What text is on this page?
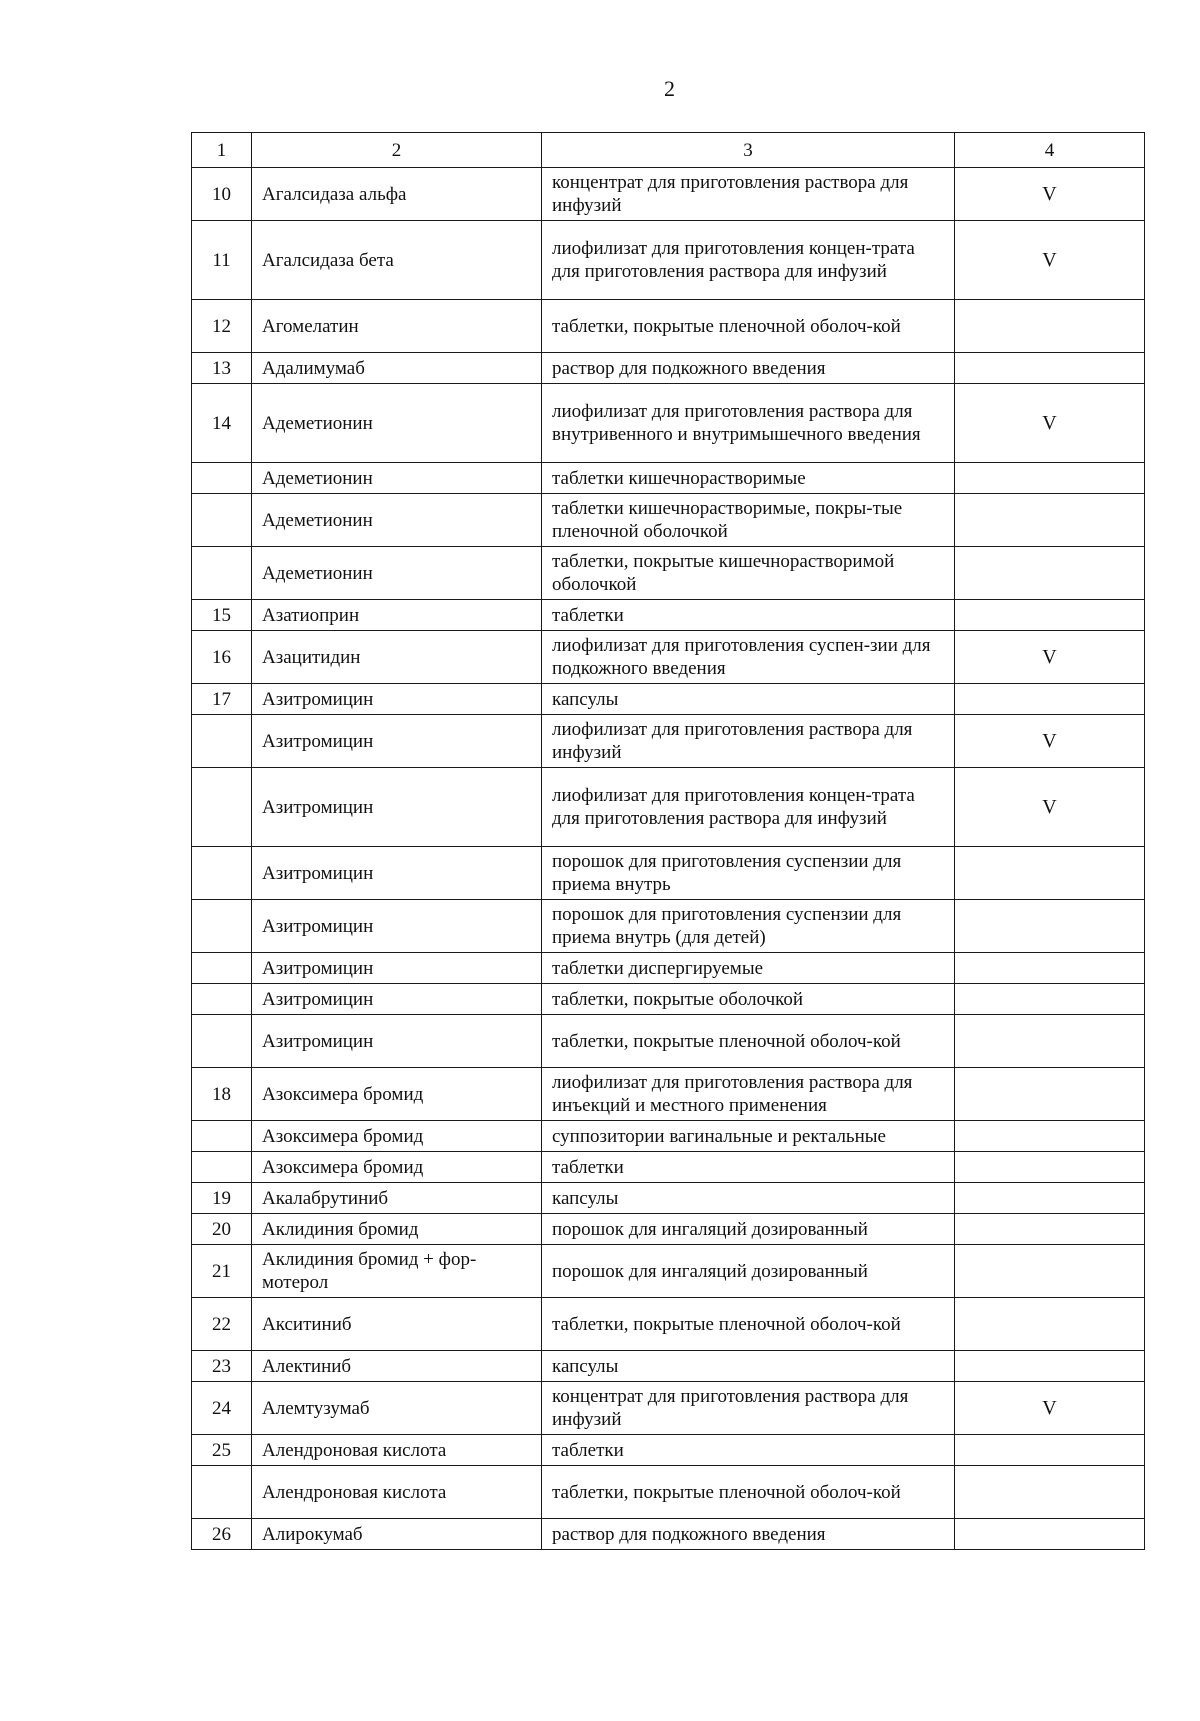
2
1	2	3	4
10	Агалсидаза альфа	концентрат для приготовления раствора для инфузий	V
11	Агалсидаза бета	лиофилизат для приготовления концен-трата для приготовления раствора для инфузий	V
12	Агомелатин	таблетки, покрытые пленочной оболоч-кой	
13	Адалимумаб	раствор для подкожного введения	
14	Адеметионин	лиофилизат для приготовления раствора для внутривенного и внутримышечного введения	V
	Адеметионин	таблетки кишечнорастворимые	
	Адеметионин	таблетки кишечнорастворимые, покры-тые пленочной оболочкой	
	Адеметионин	таблетки, покрытые кишечнорастворимой оболочкой	
15	Азатиоприн	таблетки	
16	Азацитидин	лиофилизат для приготовления суспен-зии для подкожного введения	V
17	Азитромицин	капсулы	
	Азитромицин	лиофилизат для приготовления раствора для инфузий	V
	Азитромицин	лиофилизат для приготовления концен-трата для приготовления раствора для инфузий	V
	Азитромицин	порошок для приготовления суспензии для приема внутрь	
	Азитромицин	порошок для приготовления суспензии для приема внутрь (для детей)	
	Азитромицин	таблетки диспергируемые	
	Азитромицин	таблетки, покрытые оболочкой	
	Азитромицин	таблетки, покрытые пленочной оболоч-кой	
18	Азоксимера бромид	лиофилизат для приготовления раствора для инъекций и местного применения	
	Азоксимера бромид	суппозитории вагинальные и ректальные	
	Азоксимера бромид	таблетки	
19	Акалабрутиниб	капсулы	
20	Аклидиния бромид	порошок для ингаляций дозированный	
21	Аклидиния бромид + фор-мотерол	порошок для ингаляций дозированный	
22	Акситиниб	таблетки, покрытые пленочной оболоч-кой	
23	Алектиниб	капсулы	
24	Алемтузумаб	концентрат для приготовления раствора для инфузий	V
25	Алендроновая кислота	таблетки	
	Алендроновая кислота	таблетки, покрытые пленочной оболоч-кой	
26	Алирокумаб	раствор для подкожного введения	
